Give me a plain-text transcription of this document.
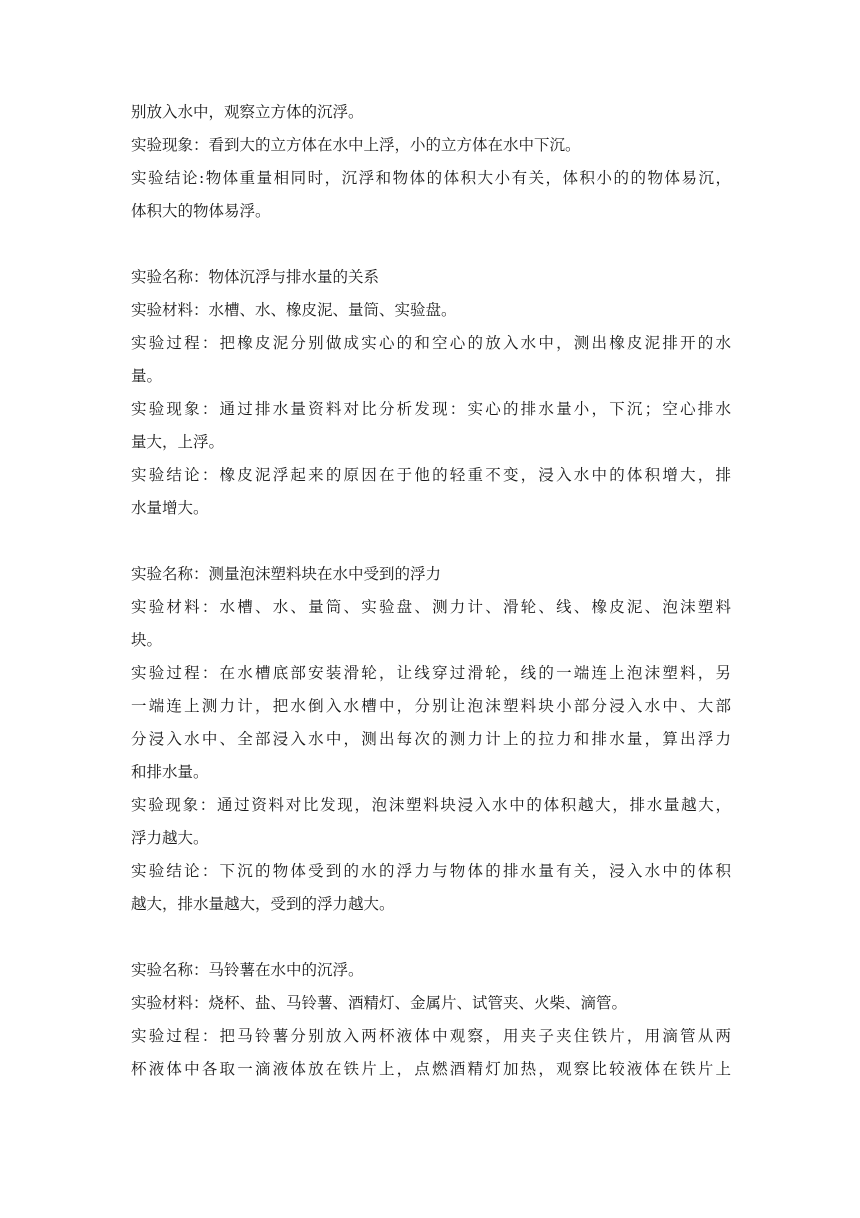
别放入水中，观察立方体的沉浮。
实验现象：看到大的立方体在水中上浮，小的立方体在水中下沉。
实验结论:物体重量相同时，沉浮和物体的体积大小有关，体积小的的物体易沉，
体积大的物体易浮。
实验名称：物体沉浮与排水量的关系
实验材料：水槽、水、橡皮泥、量筒、实验盘。
实验过程：把橡皮泥分别做成实心的和空心的放入水中，测出橡皮泥排开的水
量。
实验现象：通过排水量资料对比分析发现：实心的排水量小，下沉；空心排水
量大，上浮。
实验结论：橡皮泥浮起来的原因在于他的轻重不变，浸入水中的体积增大，排
水量增大。
实验名称：测量泡沫塑料块在水中受到的浮力
实验材料：水槽、水、量筒、实验盘、测力计、滑轮、线、橡皮泥、泡沫塑料
块。
实验过程：在水槽底部安装滑轮，让线穿过滑轮，线的一端连上泡沫塑料，另
一端连上测力计，把水倒入水槽中，分别让泡沫塑料块小部分浸入水中、大部
分浸入水中、全部浸入水中，测出每次的测力计上的拉力和排水量，算出浮力
和排水量。
实验现象：通过资料对比发现，泡沫塑料块浸入水中的体积越大，排水量越大，
浮力越大。
实验结论：下沉的物体受到的水的浮力与物体的排水量有关，浸入水中的体积
越大，排水量越大，受到的浮力越大。
实验名称：马铃薯在水中的沉浮。
实验材料：烧杯、盐、马铃薯、酒精灯、金属片、试管夹、火柴、滴管。
实验过程：把马铃薯分别放入两杯液体中观察，用夹子夹住铁片，用滴管从两
杯液体中各取一滴液体放在铁片上，点燃酒精灯加热，观察比较液体在铁片上
